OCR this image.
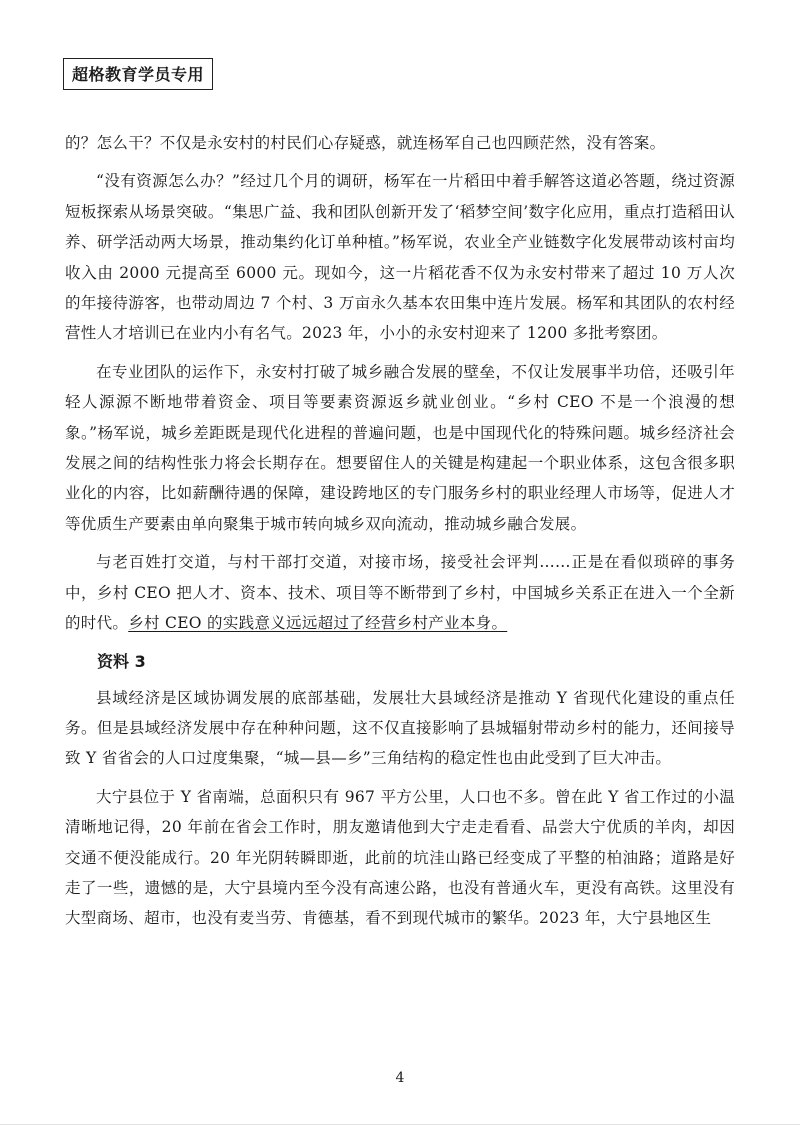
超格教育学员专用

的？怎么干？不仅是永安村的村民们心存疑惑，就连杨军自己也四顾茫然，没有答案。

“没有资源怎么办？”经过几个月的调研，杨军在一片稻田中着手解答这道必答题，绕过资源短板探索从场景突破。“集思广益、我和团队创新开发了‘稻梦空间’数字化应用，重点打造稻田认养、研学活动两大场景，推动集约化订单种植。”杨军说，农业全产业链数字化发展带动该村亩均收入由 2000 元提高至 6000 元。现如今，这一片稻花香不仅为永安村带来了超过 10 万人次的年接待游客，也带动周边 7 个村、3 万亩永久基本农田集中连片发展。杨军和其团队的农村经营性人才培训已在业内小有名气。2023 年，小小的永安村迎来了 1200 多批考察团。

在专业团队的运作下，永安村打破了城乡融合发展的壁垒，不仅让发展事半功倍，还吸引年轻人源源不断地带着资金、项目等要素资源返乡就业创业。“乡村 CEO 不是一个浪漫的想象。”杨军说，城乡差距既是现代化进程的普遍问题，也是中国现代化的特殊问题。城乡经济社会发展之间的结构性张力将会长期存在。想要留住人的关键是构建起一个职业体系，这包含很多职业化的内容，比如薪酬待遇的保障，建设跨地区的专门服务乡村的职业经理人市场等，促进人才等优质生产要素由单向聚集于城市转向城乡双向流动，推动城乡融合发展。

与老百姓打交道，与村干部打交道，对接市场，接受社会评判……正是在看似琐碎的事务中，乡村 CEO 把人才、资本、技术、项目等不断带到了乡村，中国城乡关系正在进入一个全新的时代。乡村 CEO 的实践意义远远超过了经营乡村产业本身。

资料 3

县域经济是区域协调发展的底部基础，发展壮大县域经济是推动 Y 省现代化建设的重点任务。但是县域经济发展中存在种种问题，这不仅直接影响了县城辐射带动乡村的能力，还间接导致 Y 省省会的人口过度集聚，“城—县—乡”三角结构的稳定性也由此受到了巨大冲击。

大宁县位于 Y 省南端，总面积只有 967 平方公里，人口也不多。曾在此 Y 省工作过的小温清晰地记得，20 年前在省会工作时，朋友邀请他到大宁走走看看、品尝大宁优质的羊肉，却因交通不便没能成行。20 年光阴转瞬即逝，此前的坑洼山路已经变成了平整的柏油路；道路是好走了一些，遗憾的是，大宁县境内至今没有高速公路，也没有普通火车，更没有高铁。这里没有大型商场、超市，也没有麦当劳、肯德基，看不到现代城市的繁华。2023 年，大宁县地区生

4
